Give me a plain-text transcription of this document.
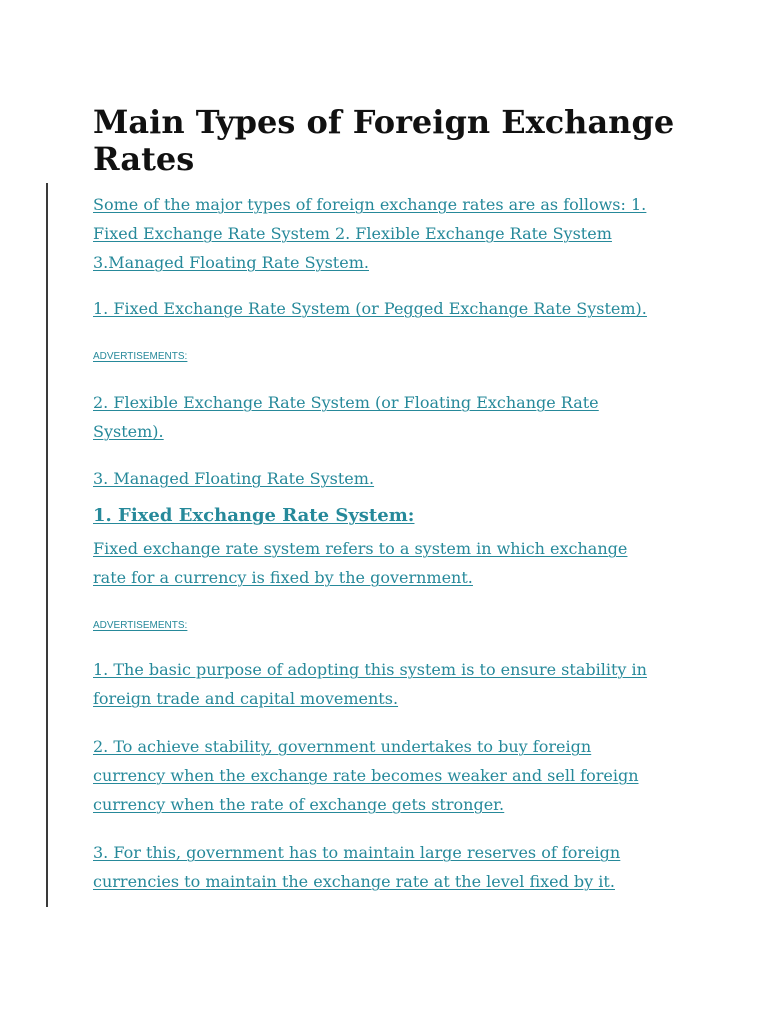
Main Types of Foreign Exchange
Rates

Some of the major types of foreign exchange rates are as follows: 1.
Fixed Exchange Rate System 2. Flexible Exchange Rate System
3.Managed Floating Rate System.

1. Fixed Exchange Rate System (or Pegged Exchange Rate System).

ADVERTISEMENTS:

2. Flexible Exchange Rate System (or Floating Exchange Rate
System).

3. Managed Floating Rate System.

1. Fixed Exchange Rate System:

Fixed exchange rate system refers to a system in which exchange
rate for a currency is fixed by the government.

ADVERTISEMENTS:

1. The basic purpose of adopting this system is to ensure stability in
foreign trade and capital movements.

2. To achieve stability, government undertakes to buy foreign
currency when the exchange rate becomes weaker and sell foreign
currency when the rate of exchange gets stronger.

3. For this, government has to maintain large reserves of foreign
currencies to maintain the exchange rate at the level fixed by it.
